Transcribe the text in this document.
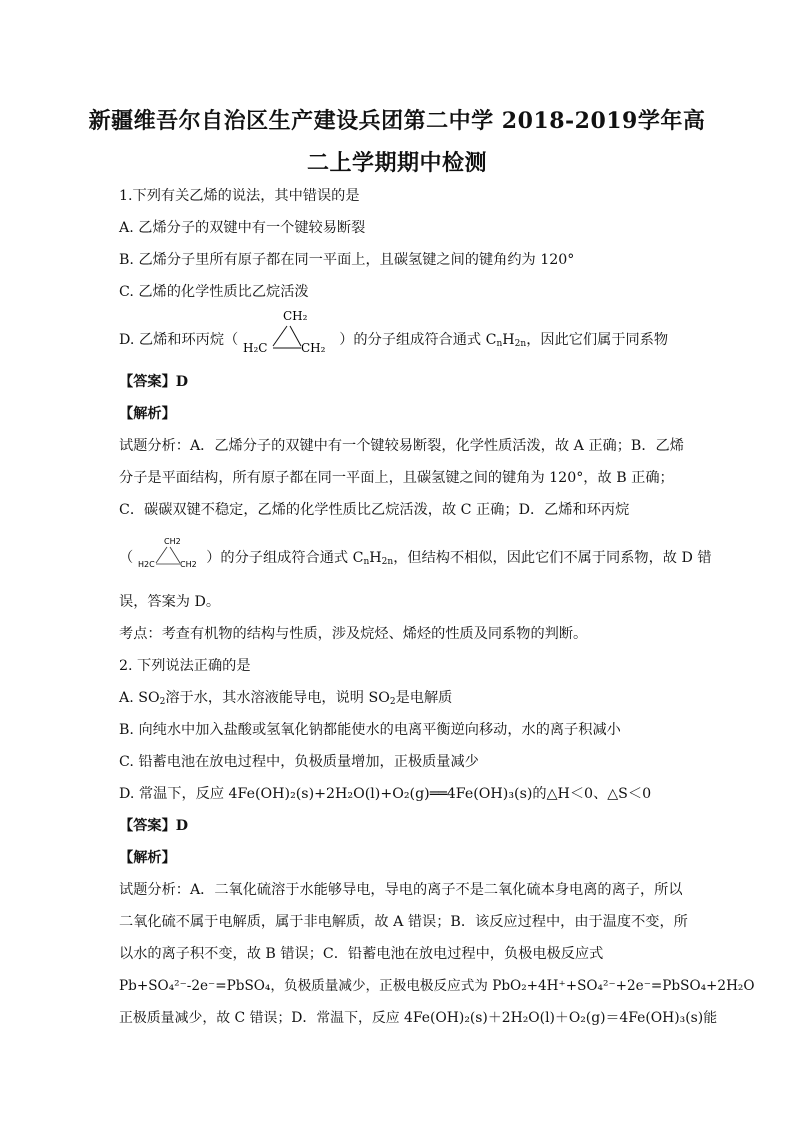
新疆维吾尔自治区生产建设兵团第二中学 2018-2019学年高
二上学期期中检测
1.下列有关乙烯的说法，其中错误的是
A. 乙烯分子的双键中有一个键较易断裂
B. 乙烯分子里所有原子都在同一平面上，且碳氢键之间的键角约为 120°
C. 乙烯的化学性质比乙烷活泼
D. 乙烯和环丙烷（
CH₂
H₂C	CH₂ ）的分子组成符合通式 $C_nH_{2n}$，因此它们属于同系物
【答案】D
【解析】
试题分析：A．乙烯分子的双键中有一个键较易断裂，化学性质活泼，故 A 正确；B．乙烯
分子是平面结构，所有原子都在同一平面上，且碳氢键之间的键角为 120°，故 B 正确；
C．碳碳双键不稳定，乙烯的化学性质比乙烷活泼，故 C 正确；D．乙烯和环丙烷
（
CH2
H2C	CH2 ）的分子组成符合通式 $C_nH_{2n}$，但结构不相似，因此它们不属于同系物，故 D 错
误，答案为 D。
考点：考查有机物的结构与性质，涉及烷烃、烯烃的性质及同系物的判断。
2. 下列说法正确的是
A. $SO_2$溶于水，其水溶液能导电，说明 $SO_2$是电解质
B. 向纯水中加入盐酸或氢氧化钠都能使水的电离平衡逆向移动，水的离子积减小
C. 铅蓄电池在放电过程中，负极质量增加，正极质量减少
D. 常温下，反应 4Fe(OH)₂(s)+2H₂O(l)+O₂(g)══4Fe(OH)₃(s)的△H＜0、△S＜0
【答案】D
【解析】
试题分析：A．二氧化硫溶于水能够导电，导电的离子不是二氧化硫本身电离的离子，所以
二氧化硫不属于电解质，属于非电解质，故 A 错误；B．该反应过程中，由于温度不变，所
以水的离子积不变，故 B 错误；C．铅蓄电池在放电过程中，负极电极反应式
Pb+SO₄²⁻-2e⁻=PbSO₄，负极质量减少，正极电极反应式为 PbO₂+4H⁺+SO₄²⁻+2e⁻=PbSO₄+2H₂O
正极质量减少，故 C 错误；D．常温下，反应 4Fe(OH)₂(s)＋2H₂O(l)＋O₂(g)＝4Fe(OH)₃(s)能
